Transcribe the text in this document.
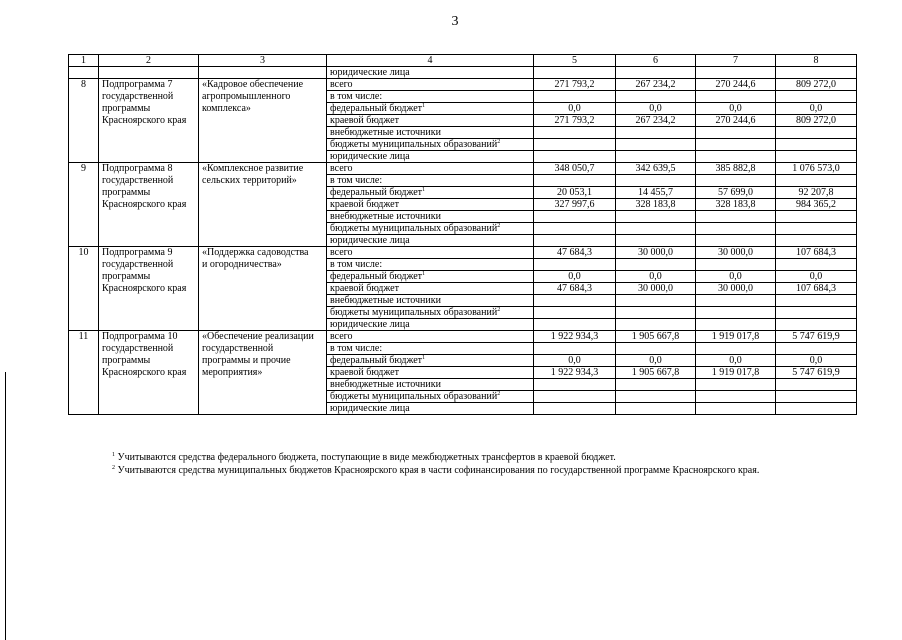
3
1	2	3	4	5	6	7	8
			юридические лица				
8	Подпрограмма 7	«Кадровое обеспечение	всего	271 793,2	267 234,2	270 244,6	809 272,0
	государственной	агропромышленного	в том числе:				
	программы	комплекса»	федеральный бюджет$^1$	0,0	0,0	0,0	0,0
	Красноярского края		краевой бюджет	271 793,2	267 234,2	270 244,6	809 272,0
			внебюджетные источники				
			бюджеты муниципальных образований$^2$				
			юридические лица				
9	Подпрограмма 8	«Комплексное развитие	всего	348 050,7	342 639,5	385 882,8	1 076 573,0
	государственной	сельских территорий»	в том числе:				
	программы		федеральный бюджет$^1$	20 053,1	14 455,7	57 699,0	92 207,8
	Красноярского края		краевой бюджет	327 997,6	328 183,8	328 183,8	984 365,2
			внебюджетные источники				
			бюджеты муниципальных образований$^2$				
			юридические лица				
10	Подпрограмма 9	«Поддержка садоводства	всего	47 684,3	30 000,0	30 000,0	107 684,3
	государственной	и огородничества»	в том числе:				
	программы		федеральный бюджет$^1$	0,0	0,0	0,0	0,0
	Красноярского края		краевой бюджет	47 684,3	30 000,0	30 000,0	107 684,3
			внебюджетные источники				
			бюджеты муниципальных образований$^2$				
			юридические лица				
11	Подпрограмма 10	«Обеспечение реализации	всего	1 922 934,3	1 905 667,8	1 919 017,8	5 747 619,9
	государственной	государственной	в том числе:				
	программы	программы и прочие	федеральный бюджет$^1$	0,0	0,0	0,0	0,0
	Красноярского края	мероприятия»	краевой бюджет	1 922 934,3	1 905 667,8	1 919 017,8	5 747 619,9
			внебюджетные источники				
			бюджеты муниципальных образований$^2$				
			юридические лица				
$^1$ Учитываются средства федерального бюджета, поступающие в виде межбюджетных трансфертов в краевой бюджет.
$^2$ Учитываются средства муниципальных бюджетов Красноярского края в части софинансирования по государственной программе Красноярского края.
